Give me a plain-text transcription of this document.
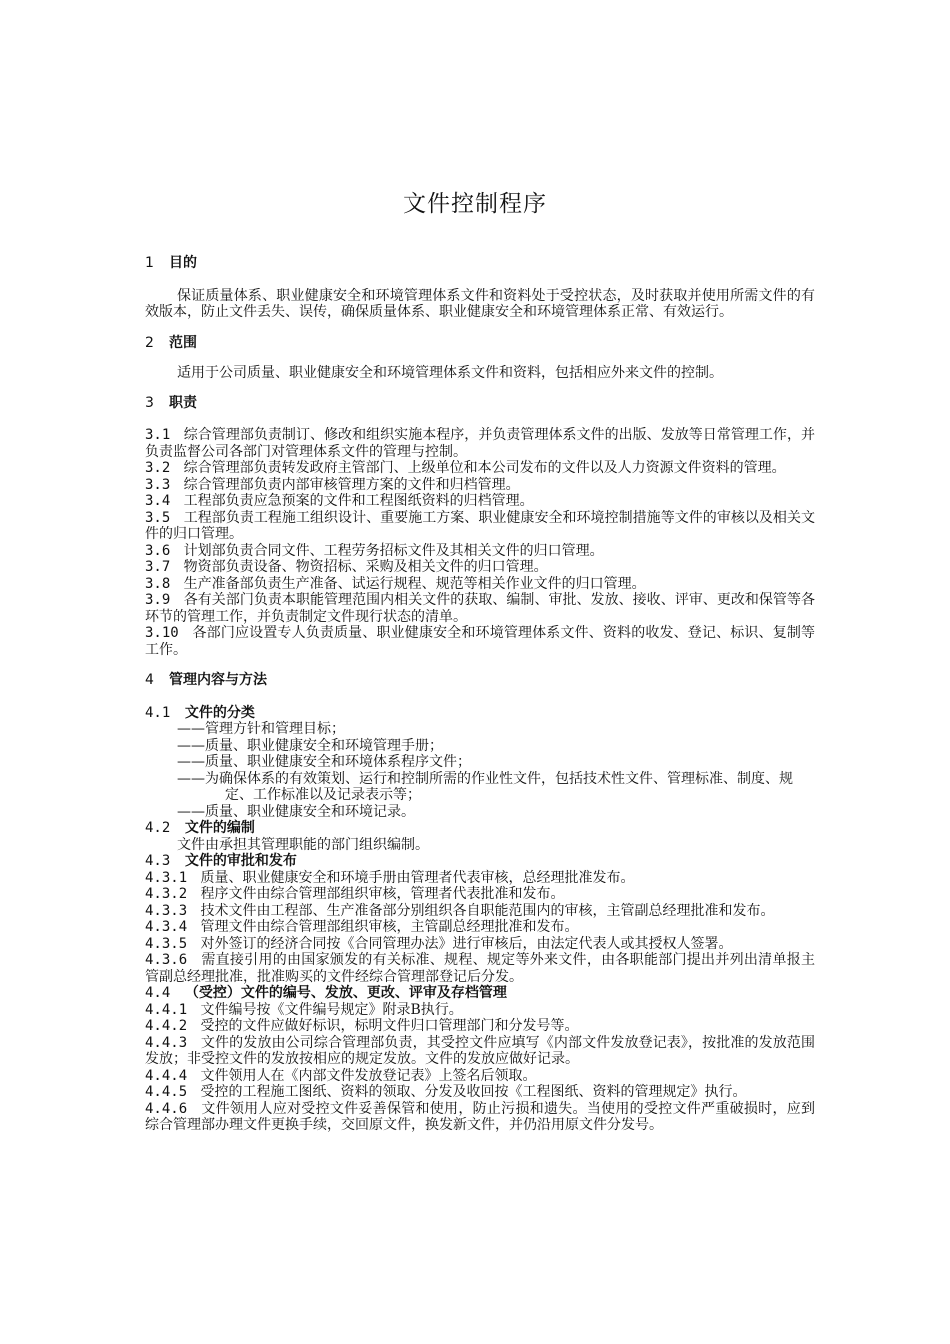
文件控制程序

1 目的

保证质量体系、职业健康安全和环境管理体系文件和资料处于受控状态，及时获取并使用所需文件的有效版本，防止文件丢失、误传，确保质量体系、职业健康安全和环境管理体系正常、有效运行。

2 范围

适用于公司质量、职业健康安全和环境管理体系文件和资料，包括相应外来文件的控制。

3 职责

3.1 综合管理部负责制订、修改和组织实施本程序，并负责管理体系文件的出版、发放等日常管理工作，并负责监督公司各部门对管理体系文件的管理与控制。

3.2 综合管理部负责转发政府主管部门、上级单位和本公司发布的文件以及人力资源文件资料的管理。

3.3 综合管理部负责内部审核管理方案的文件和归档管理。

3.4 工程部负责应急预案的文件和工程图纸资料的归档管理。

3.5 工程部负责工程施工组织设计、重要施工方案、职业健康安全和环境控制措施等文件的审核以及相关文件的归口管理。

3.6 计划部负责合同文件、工程劳务招标文件及其相关文件的归口管理。

3.7 物资部负责设备、物资招标、采购及相关文件的归口管理。

3.8 生产准备部负责生产准备、试运行规程、规范等相关作业文件的归口管理。

3.9 各有关部门负责本职能管理范围内相关文件的获取、编制、审批、发放、接收、评审、更改和保管等各环节的管理工作，并负责制定文件现行状态的清单。

3.10 各部门应设置专人负责质量、职业健康安全和环境管理体系文件、资料的收发、登记、标识、复制等工作。

4 管理内容与方法

4.1 文件的分类

——管理方针和管理目标；

——质量、职业健康安全和环境管理手册；

——质量、职业健康安全和环境体系程序文件；

——为确保体系的有效策划、运行和控制所需的作业性文件，包括技术性文件、管理标准、制度、规定、工作标准以及记录表示等；

——质量、职业健康安全和环境记录。

4.2 文件的编制

文件由承担其管理职能的部门组织编制。

4.3 文件的审批和发布

4.3.1 质量、职业健康安全和环境手册由管理者代表审核，总经理批准发布。

4.3.2 程序文件由综合管理部组织审核，管理者代表批准和发布。

4.3.3 技术文件由工程部、生产准备部分别组织各自职能范围内的审核，主管副总经理批准和发布。

4.3.4 管理文件由综合管理部组织审核，主管副总经理批准和发布。

4.3.5 对外签订的经济合同按《合同管理办法》进行审核后，由法定代表人或其授权人签署。

4.3.6 需直接引用的由国家颁发的有关标准、规程、规定等外来文件，由各职能部门提出并列出清单报主管副总经理批准，批准购买的文件经综合管理部登记后分发。

4.4 （受控）文件的编号、发放、更改、评审及存档管理

4.4.1 文件编号按《文件编号规定》附录B执行。

4.4.2 受控的文件应做好标识，标明文件归口管理部门和分发号等。

4.4.3 文件的发放由公司综合管理部负责，其受控文件应填写《内部文件发放登记表》，按批准的发放范围发放；非受控文件的发放按相应的规定发放。文件的发放应做好记录。

4.4.4 文件领用人在《内部文件发放登记表》上签名后领取。

4.4.5 受控的工程施工图纸、资料的领取、分发及收回按《工程图纸、资料的管理规定》执行。

4.4.6 文件领用人应对受控文件妥善保管和使用，防止污损和遗失。当使用的受控文件严重破损时，应到综合管理部办理文件更换手续，交回原文件，换发新文件，并仍沿用原文件分发号。
